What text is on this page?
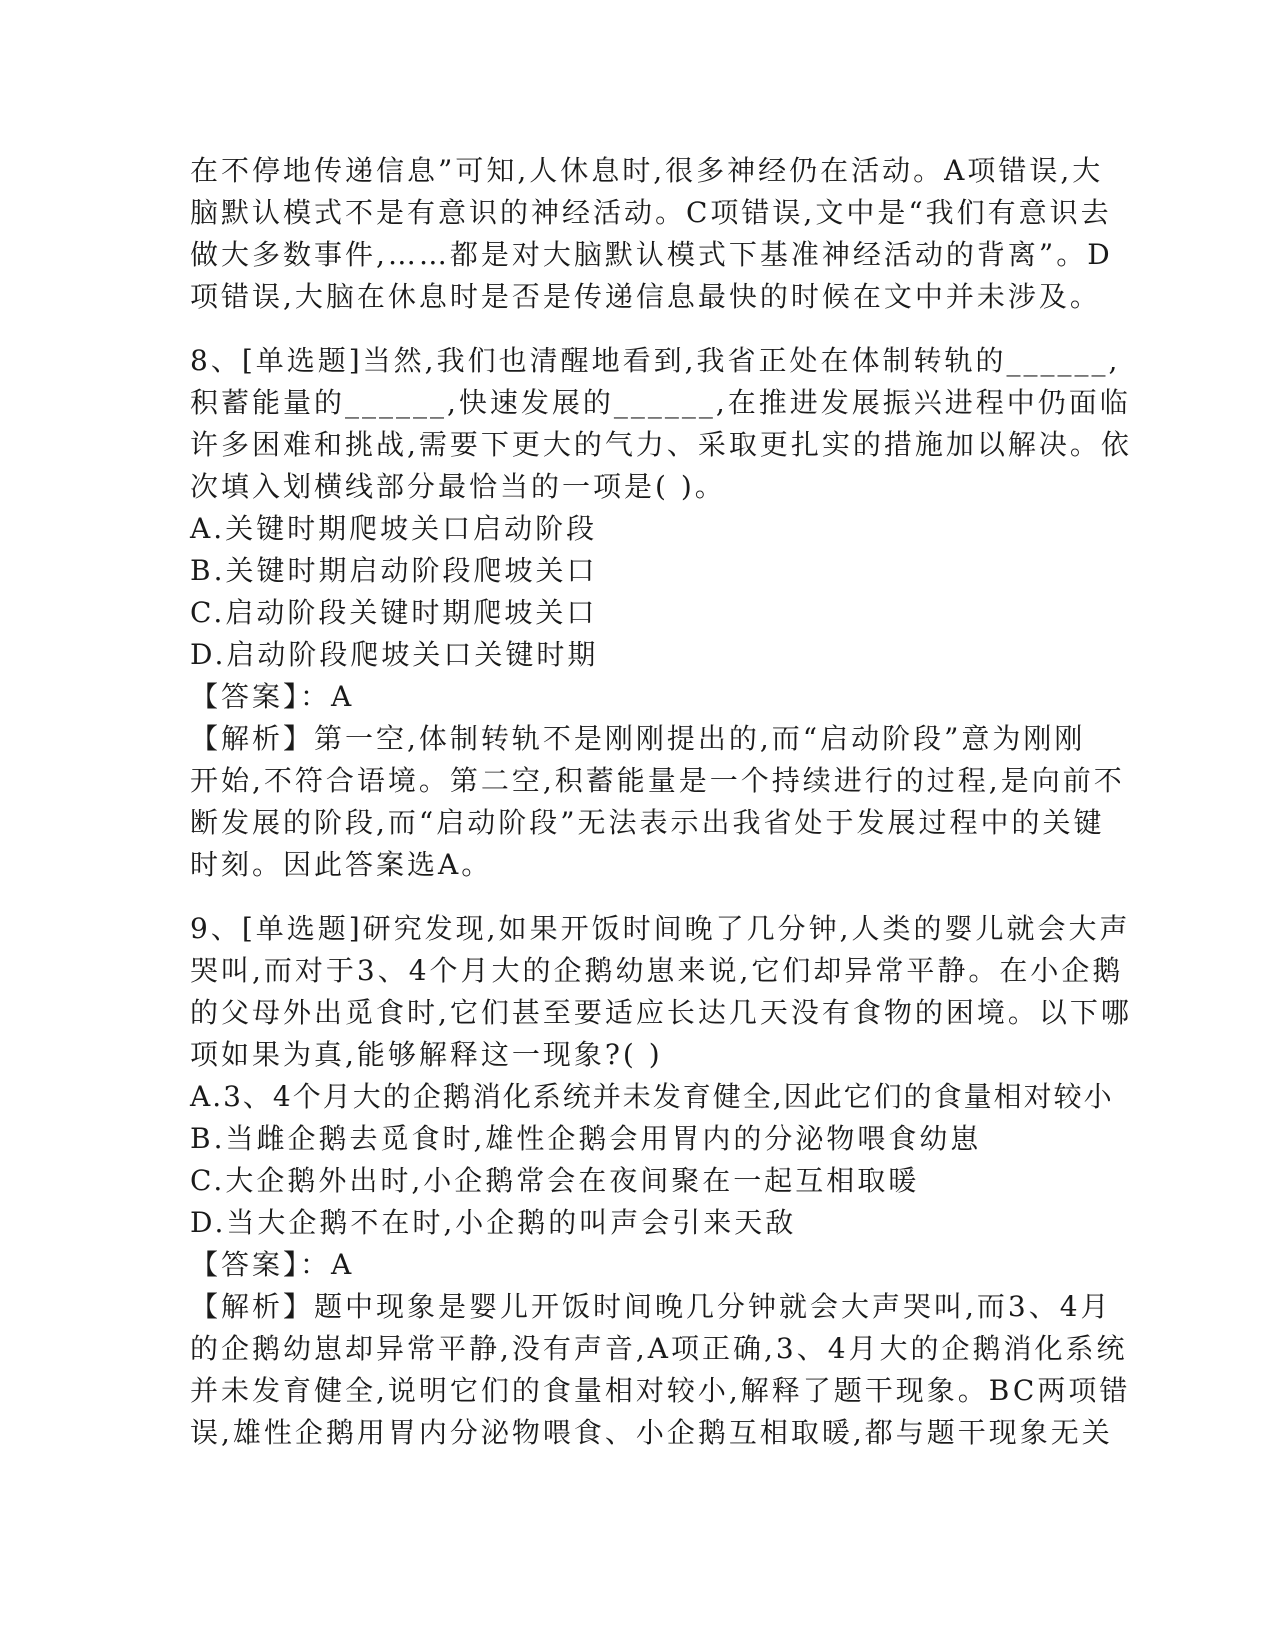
在不停地传递信息”可知,人休息时,很多神经仍在活动。A项错误,大
脑默认模式不是有意识的神经活动。C项错误,文中是“我们有意识去
做大多数事件,……都是对大脑默认模式下基准神经活动的背离”。D
项错误,大脑在休息时是否是传递信息最快的时候在文中并未涉及。
8、[单选题]当然,我们也清醒地看到,我省正处在体制转轨的______,
积蓄能量的______,快速发展的______,在推进发展振兴进程中仍面临
许多困难和挑战,需要下更大的气力、采取更扎实的措施加以解决。依
次填入划横线部分最恰当的一项是( )。
A.关键时期爬坡关口启动阶段
B.关键时期启动阶段爬坡关口
C.启动阶段关键时期爬坡关口
D.启动阶段爬坡关口关键时期
【答案】：A
【解析】第一空,体制转轨不是刚刚提出的,而“启动阶段”意为刚刚
开始,不符合语境。第二空,积蓄能量是一个持续进行的过程,是向前不
断发展的阶段,而“启动阶段”无法表示出我省处于发展过程中的关键
时刻。因此答案选A。
9、[单选题]研究发现,如果开饭时间晚了几分钟,人类的婴儿就会大声
哭叫,而对于3、4个月大的企鹅幼崽来说,它们却异常平静。在小企鹅
的父母外出觅食时,它们甚至要适应长达几天没有食物的困境。以下哪
项如果为真,能够解释这一现象?( )
A.3、4个月大的企鹅消化系统并未发育健全,因此它们的食量相对较小
B.当雌企鹅去觅食时,雄性企鹅会用胃内的分泌物喂食幼崽
C.大企鹅外出时,小企鹅常会在夜间聚在一起互相取暖
D.当大企鹅不在时,小企鹅的叫声会引来天敌
【答案】：A
【解析】题中现象是婴儿开饭时间晚几分钟就会大声哭叫,而3、4月
的企鹅幼崽却异常平静,没有声音,A项正确,3、4月大的企鹅消化系统
并未发育健全,说明它们的食量相对较小,解释了题干现象。BC两项错
误,雄性企鹅用胃内分泌物喂食、小企鹅互相取暖,都与题干现象无关
